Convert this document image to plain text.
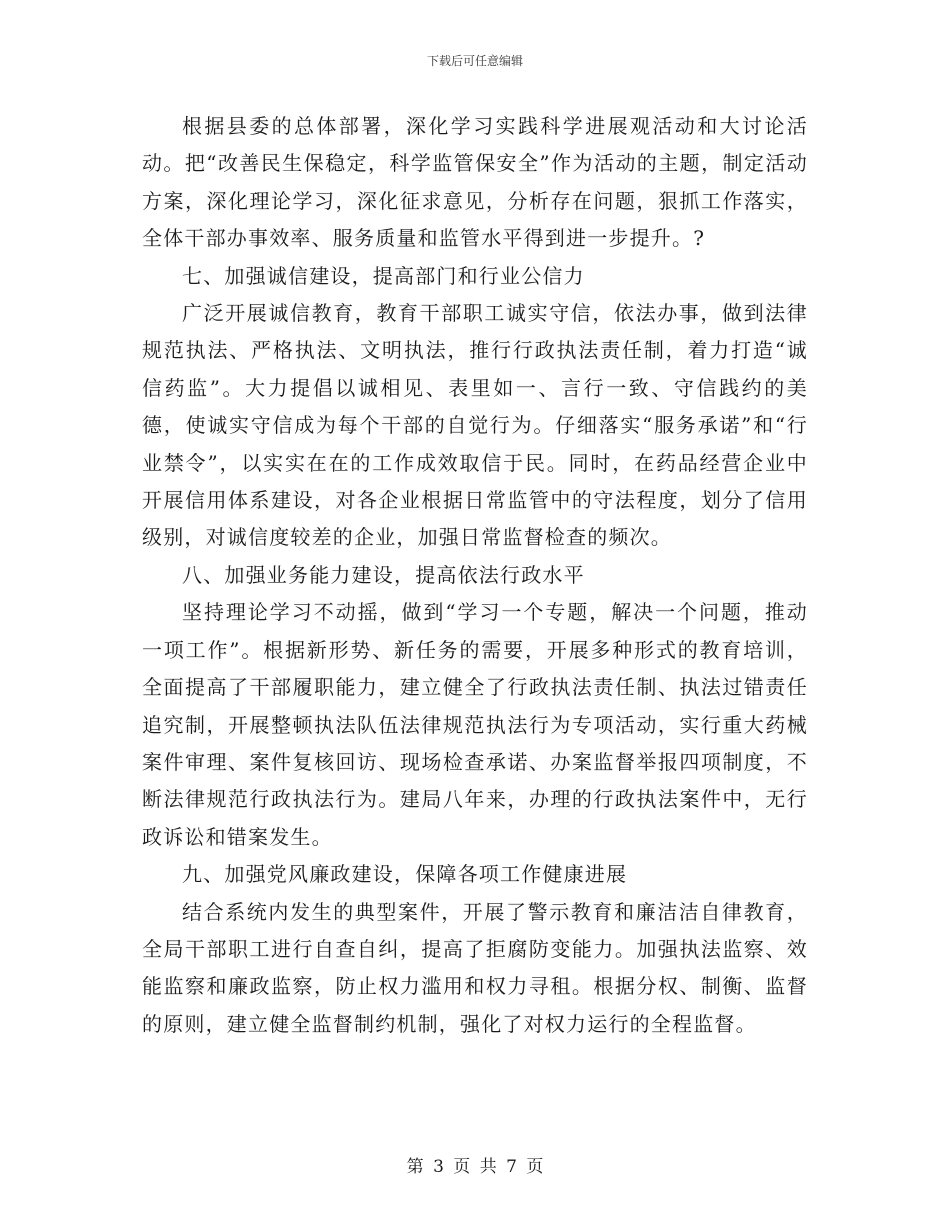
下载后可任意编辑

根据县委的总体部署，深化学习实践科学进展观活动和大讨论活动。把“改善民生保稳定，科学监管保安全”作为活动的主题，制定活动方案，深化理论学习，深化征求意见，分析存在问题，狠抓工作落实，全体干部办事效率、服务质量和监管水平得到进一步提升。?

七、加强诚信建设，提高部门和行业公信力

广泛开展诚信教育，教育干部职工诚实守信，依法办事，做到法律规范执法、严格执法、文明执法，推行行政执法责任制，着力打造“诚信药监”。大力提倡以诚相见、表里如一、言行一致、守信践约的美德，使诚实守信成为每个干部的自觉行为。仔细落实“服务承诺”和“行业禁令”，以实实在在的工作成效取信于民。同时，在药品经营企业中开展信用体系建设，对各企业根据日常监管中的守法程度，划分了信用级别，对诚信度较差的企业，加强日常监督检查的频次。

八、加强业务能力建设，提高依法行政水平

坚持理论学习不动摇，做到“学习一个专题，解决一个问题，推动一项工作”。根据新形势、新任务的需要，开展多种形式的教育培训，全面提高了干部履职能力，建立健全了行政执法责任制、执法过错责任追究制，开展整顿执法队伍法律规范执法行为专项活动，实行重大药械案件审理、案件复核回访、现场检查承诺、办案监督举报四项制度，不断法律规范行政执法行为。建局八年来，办理的行政执法案件中，无行政诉讼和错案发生。

九、加强党风廉政建设，保障各项工作健康进展

结合系统内发生的典型案件，开展了警示教育和廉洁洁自律教育，全局干部职工进行自查自纠，提高了拒腐防变能力。加强执法监察、效能监察和廉政监察，防止权力滥用和权力寻租。根据分权、制衡、监督的原则，建立健全监督制约机制，强化了对权力运行的全程监督。

第 3 页 共 7 页
